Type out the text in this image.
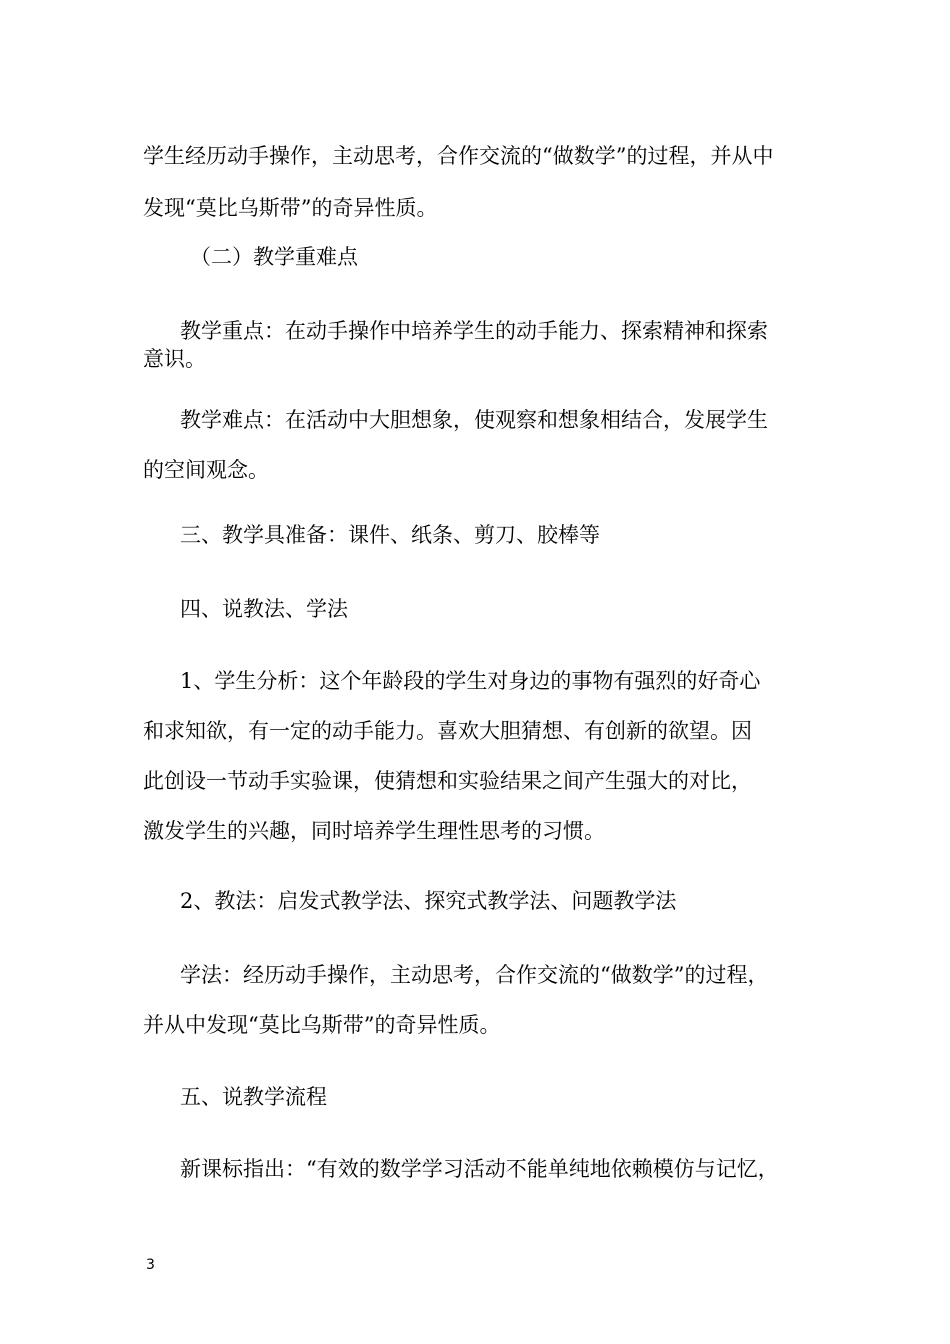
学生经历动手操作，主动思考，合作交流的“做数学”的过程，并从中
发现“莫比乌斯带”的奇异性质。
（二）教学重难点
教学重点：在动手操作中培养学生的动手能力、探索精神和探索
意识。
教学难点：在活动中大胆想象，使观察和想象相结合，发展学生
的空间观念。
三、教学具准备：课件、纸条、剪刀、胶棒等
四、说教法、学法
1、学生分析：这个年龄段的学生对身边的事物有强烈的好奇心
和求知欲，有一定的动手能力。喜欢大胆猜想、有创新的欲望。因
此创设一节动手实验课，使猜想和实验结果之间产生强大的对比，
激发学生的兴趣，同时培养学生理性思考的习惯。
2、教法：启发式教学法、探究式教学法、问题教学法
学法：经历动手操作，主动思考，合作交流的“做数学”的过程，
并从中发现“莫比乌斯带”的奇异性质。
五、说教学流程
新课标指出：“有效的数学学习活动不能单纯地依赖模仿与记忆，
3
